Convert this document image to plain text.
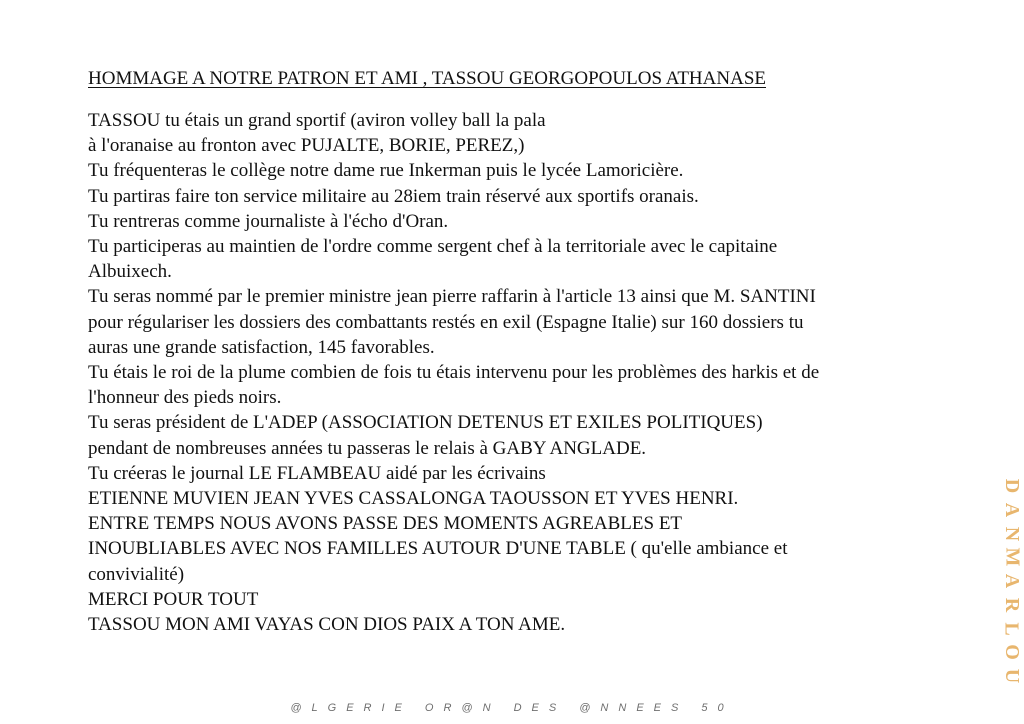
HOMMAGE A NOTRE PATRON ET AMI , TASSOU GEORGOPOULOS ATHANASE
TASSOU tu étais un grand sportif (aviron volley ball la pala
à l'oranaise au fronton avec PUJALTE, BORIE, PEREZ,)
Tu fréquenteras le collège notre dame rue Inkerman puis le lycée Lamoricière.
Tu partiras faire ton service militaire au 28iem train réservé aux sportifs oranais.
Tu rentreras comme journaliste à l'écho d'Oran.
Tu participeras au maintien de l'ordre comme sergent chef à la territoriale avec le capitaine
Albuixech.
Tu seras nommé par le premier ministre jean pierre raffarin à l'article 13 ainsi que M. SANTINI
pour régulariser les dossiers des combattants restés en exil (Espagne Italie) sur 160 dossiers tu
auras une grande satisfaction, 145 favorables.
Tu étais le roi de la plume combien de fois tu étais intervenu pour les problèmes des harkis et de
l'honneur des pieds noirs.
Tu seras président de L'ADEP (ASSOCIATION DETENUS ET EXILES POLITIQUES)
pendant de nombreuses années tu passeras le relais à GABY ANGLADE.
Tu créeras le journal LE FLAMBEAU aidé par les écrivains
ETIENNE MUVIEN JEAN YVES CASSALONGA TAOUSSON ET YVES HENRI.
ENTRE TEMPS NOUS AVONS PASSE DES MOMENTS AGREABLES ET
INOUBLIABLES AVEC NOS FAMILLES AUTOUR D'UNE TABLE ( qu'elle ambiance et
convivialité)
MERCI POUR TOUT
TASSOU MON AMI VAYAS CON DIOS PAIX A TON AME.
D
A
N
M
A
R
L
O
U
@LGERIE OR@N DES @NNEES 50
